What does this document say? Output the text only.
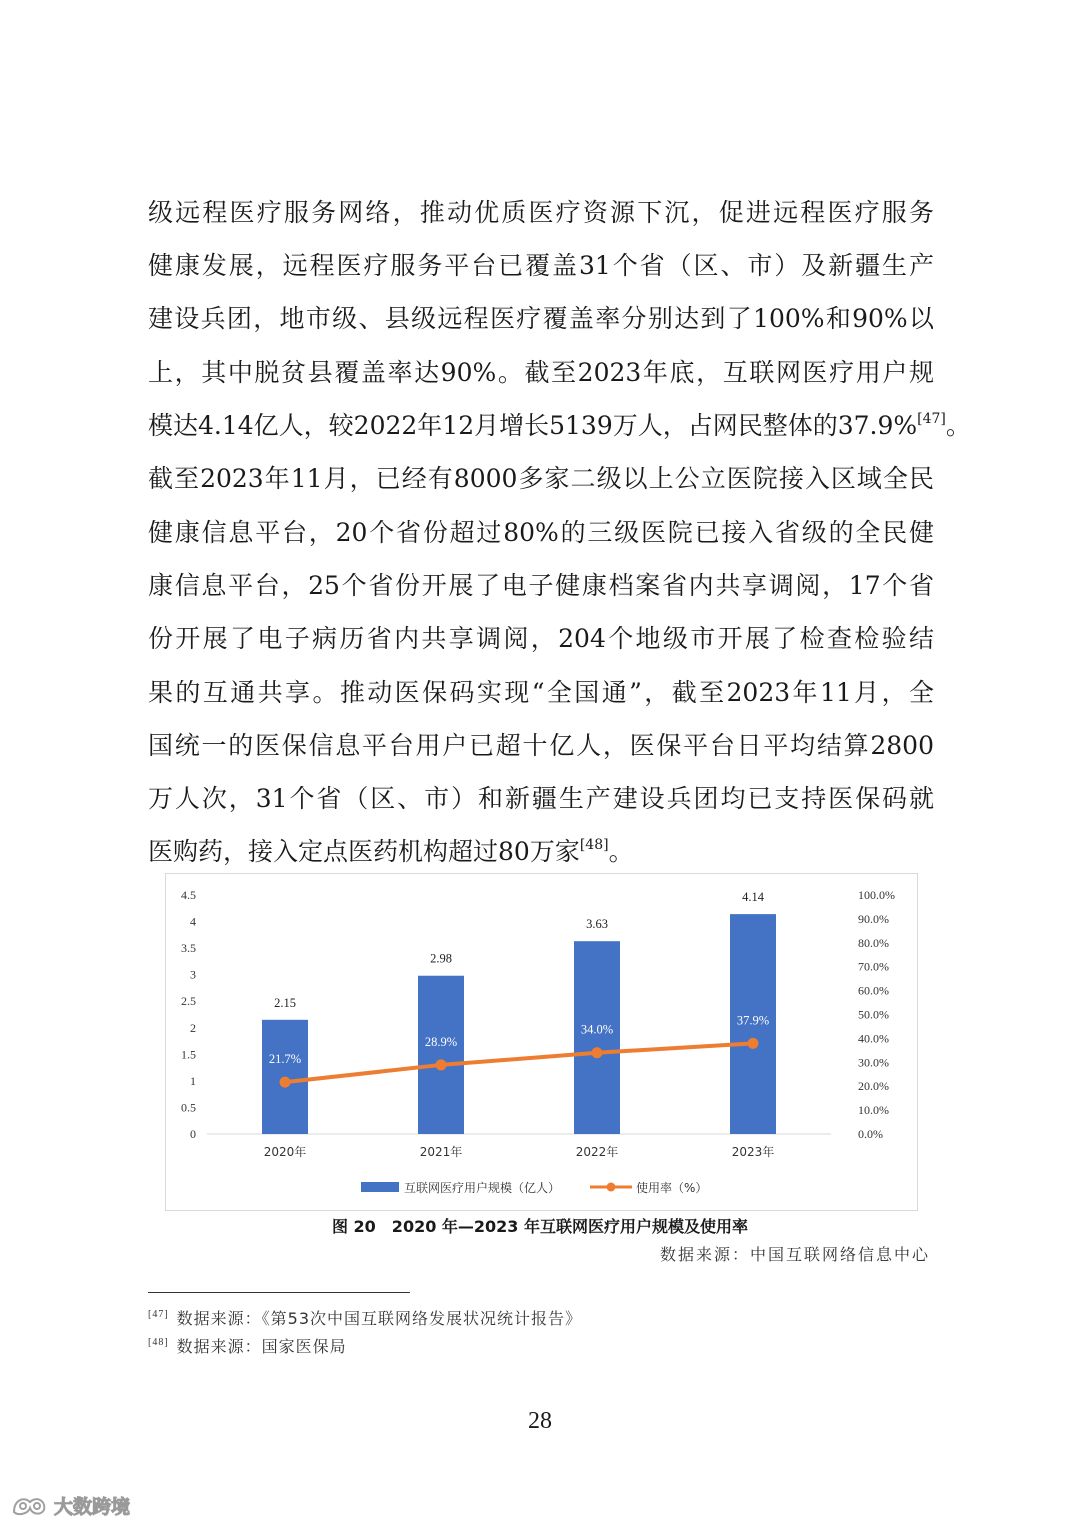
级远程医疗服务网络，推动优质医疗资源下沉，促进远程医疗服务
健康发展，远程医疗服务平台已覆盖31个省（区、市）及新疆生产
建设兵团，地市级、县级远程医疗覆盖率分别达到了100%和90%以
上，其中脱贫县覆盖率达90%。截至2023年底，互联网医疗用户规
模达4.14亿人，较2022年12月增长5139万人，占网民整体的37.9%[47]。
截至2023年11月，已经有8000多家二级以上公立医院接入区域全民
健康信息平台，20个省份超过80%的三级医院已接入省级的全民健
康信息平台，25个省份开展了电子健康档案省内共享调阅，17个省
份开展了电子病历省内共享调阅，204个地级市开展了检查检验结
果的互通共享。推动医保码实现“全国通”，截至2023年11月，全
国统一的医保信息平台用户已超十亿人，医保平台日平均结算2800
万人次，31个省（区、市）和新疆生产建设兵团均已支持医保码就
医购药，接入定点医药机构超过80万家[48]。
0
0.5
1
1.5
2
2.5
3
3.5
4
4.5
0.0%
10.0%
20.0%
30.0%
40.0%
50.0%
60.0%
70.0%
80.0%
90.0%
100.0%
2.15
2.98
3.63
4.14
21.7%
28.9%
34.0%
37.9%
2020年	2021年	2022年	2023年
互联网医疗用户规模（亿人）	使用率（%）
图 20　2020 年—2023 年互联网医疗用户规模及使用率
数据来源：中国互联网络信息中心
[47] 数据来源：《第53次中国互联网络发展状况统计报告》
[48] 数据来源：国家医保局
28
大数跨境
